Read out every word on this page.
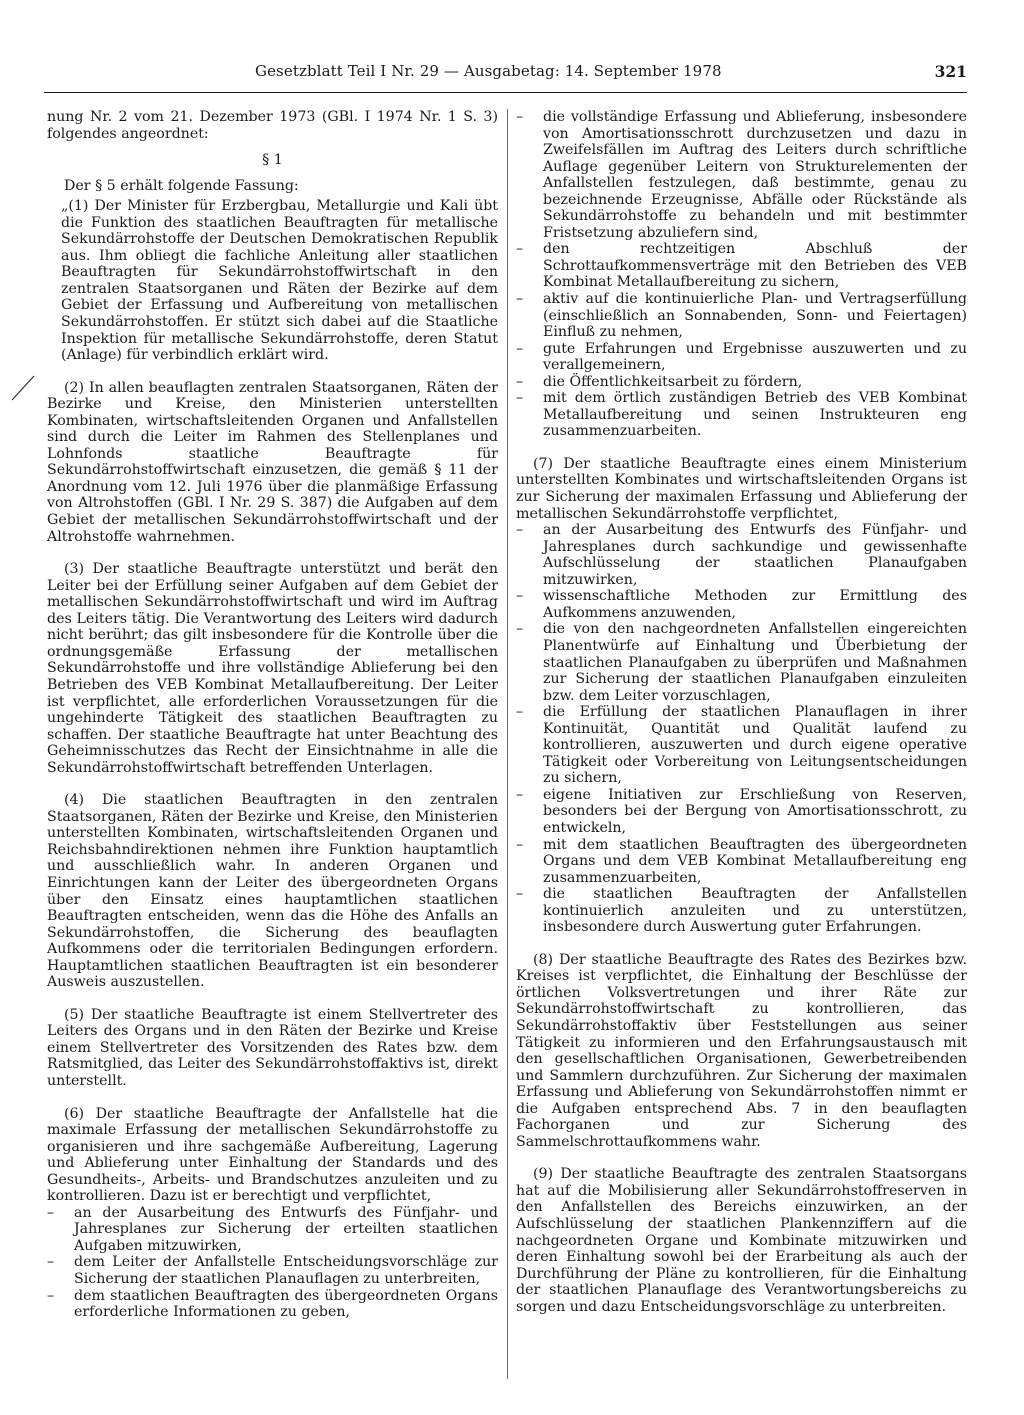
Gesetzblatt Teil I Nr. 29 — Ausgabetag: 14. September 1978	321

nung Nr. 2 vom 21. Dezember 1973 (GBl. I 1974 Nr. 1 S. 3) folgendes angeordnet:

§ 1

Der § 5 erhält folgende Fassung:

„(1) Der Minister für Erzbergbau, Metallurgie und Kali übt die Funktion des staatlichen Beauftragten für metallische Sekundärrohstoffe der Deutschen Demokratischen Republik aus. Ihm obliegt die fachliche Anleitung aller staatlichen Beauftragten für Sekundärrohstoffwirtschaft in den zentralen Staatsorganen und Räten der Bezirke auf dem Gebiet der Erfassung und Aufbereitung von metallischen Sekundärrohstoffen. Er stützt sich dabei auf die Staatliche Inspektion für metallische Sekundärrohstoffe, deren Statut (Anlage) für verbindlich erklärt wird.

(2) In allen beauflagten zentralen Staatsorganen, Räten der Bezirke und Kreise, den Ministerien unterstellten Kombinaten, wirtschaftsleitenden Organen und Anfallstellen sind durch die Leiter im Rahmen des Stellenplanes und Lohnfonds staatliche Beauftragte für Sekundärrohstoffwirtschaft einzusetzen, die gemäß § 11 der Anordnung vom 12. Juli 1976 über die planmäßige Erfassung von Altrohstoffen (GBl. I Nr. 29 S. 387) die Aufgaben auf dem Gebiet der metallischen Sekundärrohstoffwirtschaft und der Altrohstoffe wahrnehmen.

(3) Der staatliche Beauftragte unterstützt und berät den Leiter bei der Erfüllung seiner Aufgaben auf dem Gebiet der metallischen Sekundärrohstoffwirtschaft und wird im Auftrag des Leiters tätig. Die Verantwortung des Leiters wird dadurch nicht berührt; das gilt insbesondere für die Kontrolle über die ordnungsgemäße Erfassung der metallischen Sekundärrohstoffe und ihre vollständige Ablieferung bei den Betrieben des VEB Kombinat Metallaufbereitung. Der Leiter ist verpflichtet, alle erforderlichen Voraussetzungen für die ungehinderte Tätigkeit des staatlichen Beauftragten zu schaffen. Der staatliche Beauftragte hat unter Beachtung des Geheimnisschutzes das Recht der Einsichtnahme in alle die Sekundärrohstoffwirtschaft betreffenden Unterlagen.

(4) Die staatlichen Beauftragten in den zentralen Staatsorganen, Räten der Bezirke und Kreise, den Ministerien unterstellten Kombinaten, wirtschaftsleitenden Organen und Reichsbahndirektionen nehmen ihre Funktion hauptamtlich und ausschließlich wahr. In anderen Organen und Einrichtungen kann der Leiter des übergeordneten Organs über den Einsatz eines hauptamtlichen staatlichen Beauftragten entscheiden, wenn das die Höhe des Anfalls an Sekundärrohstoffen, die Sicherung des beauflagten Aufkommens oder die territorialen Bedingungen erfordern. Hauptamtlichen staatlichen Beauftragten ist ein besonderer Ausweis auszustellen.

(5) Der staatliche Beauftragte ist einem Stellvertreter des Leiters des Organs und in den Räten der Bezirke und Kreise einem Stellvertreter des Vorsitzenden des Rates bzw. dem Ratsmitglied, das Leiter des Sekundärrohstoffaktivs ist, direkt unterstellt.

(6) Der staatliche Beauftragte der Anfallstelle hat die maximale Erfassung der metallischen Sekundärrohstoffe zu organisieren und ihre sachgemäße Aufbereitung, Lagerung und Ablieferung unter Einhaltung der Standards und des Gesundheits-, Arbeits- und Brandschutzes anzuleiten und zu kontrollieren. Dazu ist er berechtigt und verpflichtet,

– an der Ausarbeitung des Entwurfs des Fünfjahr- und Jahresplanes zur Sicherung der erteilten staatlichen Aufgaben mitzuwirken,

– dem Leiter der Anfallstelle Entscheidungsvorschläge zur Sicherung der staatlichen Planauflagen zu unterbreiten,

– dem staatlichen Beauftragten des übergeordneten Organs erforderliche Informationen zu geben,

– die vollständige Erfassung und Ablieferung, insbesondere von Amortisationsschrott durchzusetzen und dazu in Zweifelsfällen im Auftrag des Leiters durch schriftliche Auflage gegenüber Leitern von Strukturelementen der Anfallstellen festzulegen, daß bestimmte, genau zu bezeichnende Erzeugnisse, Abfälle oder Rückstände als Sekundärrohstoffe zu behandeln und mit bestimmter Fristsetzung abzuliefern sind,

– den rechtzeitigen Abschluß der Schrottaufkommensverträge mit den Betrieben des VEB Kombinat Metallaufbereitung zu sichern,

– aktiv auf die kontinuierliche Plan- und Vertragserfüllung (einschließlich an Sonnabenden, Sonn- und Feiertagen) Einfluß zu nehmen,

– gute Erfahrungen und Ergebnisse auszuwerten und zu verallgemeinern,

– die Öffentlichkeitsarbeit zu fördern,

– mit dem örtlich zuständigen Betrieb des VEB Kombinat Metallaufbereitung und seinen Instrukteuren eng zusammenzuarbeiten.

(7) Der staatliche Beauftragte eines einem Ministerium unterstellten Kombinates und wirtschaftsleitenden Organs ist zur Sicherung der maximalen Erfassung und Ablieferung der metallischen Sekundärrohstoffe verpflichtet,

– an der Ausarbeitung des Entwurfs des Fünfjahr- und Jahresplanes durch sachkundige und gewissenhafte Aufschlüsselung der staatlichen Planaufgaben mitzuwirken,

– wissenschaftliche Methoden zur Ermittlung des Aufkommens anzuwenden,

– die von den nachgeordneten Anfallstellen eingereichten Planentwürfe auf Einhaltung und Überbietung der staatlichen Planaufgaben zu überprüfen und Maßnahmen zur Sicherung der staatlichen Planaufgaben einzuleiten bzw. dem Leiter vorzuschlagen,

– die Erfüllung der staatlichen Planauflagen in ihrer Kontinuität, Quantität und Qualität laufend zu kontrollieren, auszuwerten und durch eigene operative Tätigkeit oder Vorbereitung von Leitungsentscheidungen zu sichern,

– eigene Initiativen zur Erschließung von Reserven, besonders bei der Bergung von Amortisationsschrott, zu entwickeln,

– mit dem staatlichen Beauftragten des übergeordneten Organs und dem VEB Kombinat Metallaufbereitung eng zusammenzuarbeiten,

– die staatlichen Beauftragten der Anfallstellen kontinuierlich anzuleiten und zu unterstützen, insbesondere durch Auswertung guter Erfahrungen.

(8) Der staatliche Beauftragte des Rates des Bezirkes bzw. Kreises ist verpflichtet, die Einhaltung der Beschlüsse der örtlichen Volksvertretungen und ihrer Räte zur Sekundärrohstoffwirtschaft zu kontrollieren, das Sekundärrohstoffaktiv über Feststellungen aus seiner Tätigkeit zu informieren und den Erfahrungsaustausch mit den gesellschaftlichen Organisationen, Gewerbetreibenden und Sammlern durchzuführen. Zur Sicherung der maximalen Erfassung und Ablieferung von Sekundärrohstoffen nimmt er die Aufgaben entsprechend Abs. 7 in den beauflagten Fachorganen und zur Sicherung des Sammelschrottaufkommens wahr.

(9) Der staatliche Beauftragte des zentralen Staatsorgans hat auf die Mobilisierung aller Sekundärrohstoffreserven in den Anfallstellen des Bereichs einzuwirken, an der Aufschlüsselung der staatlichen Plankennziffern auf die nachgeordneten Organe und Kombinate mitzuwirken und deren Einhaltung sowohl bei der Erarbeitung als auch der Durchführung der Pläne zu kontrollieren, für die Einhaltung der staatlichen Planauflage des Verantwortungsbereichs zu sorgen und dazu Entscheidungsvorschläge zu unterbreiten.
